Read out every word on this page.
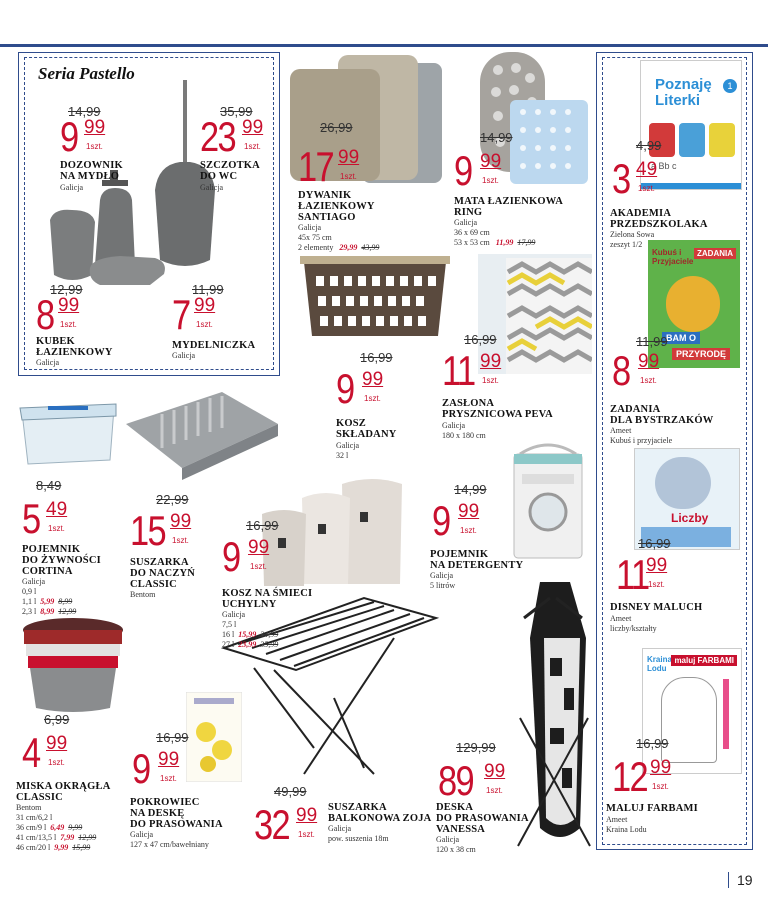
Seria Pastello
Poznaję Literki
1
a Bb c
Kubuś i Przyjaciele
ZADANIA
BAM O
PRZYRODĘ
Liczby
Kraina Lodu
maluj FARBAMI
14,99
9 99
1szt.
DOZOWNIK
NA MYDŁO
Galicja
35,99
23 99
1szt.
SZCZOTKA
DO WC
Galicja
12,99
8 99
1szt.
KUBEK
ŁAZIENKOWY
Galicja
11,99
7 99
1szt.
MYDELNICZKA
Galicja
26,99
17 99
1szt.
DYWANIK
ŁAZIENKOWY
SANTIAGO
Galicja
45x 75 cm
2 elementy 29,99 43,99
14,99
9 99
1szt.
MATA ŁAZIENKOWA
RING
Galicja
36 x 69 cm
53 x 53 cm 11,99 17,99
4,99
3 49
1szt.
AKADEMIA
PRZEDSZKOLAKA
Zielona Sowa
zeszyt 1/2
16,99
9 99
1szt.
KOSZ
SKŁADANY
Galicja
32 l
16,99
11 99
1szt.
ZASŁONA
PRYSZNICOWA PEVA
Galicja
180 x 180 cm
11,99
8 99
1szt.
ZADANIA
DLA BYSTRZAKÓW
Ameet
Kubuś i przyjaciele
8,49
5 49
1szt.
POJEMNIK
DO ŻYWNOŚCI
CORTINA
Galicja
0,9 l
1,1 l 5,99 8,99
2,3 l 8,99 12,99
22,99
15 99
1szt.
SUSZARKA
DO NACZYŃ
CLASSIC
Bentom
16,99
9 99
1szt.
KOSZ NA ŚMIECI
UCHYLNY
Galicja
7,5 l
16 l 15,99 24,99
27 l 23,99 35,99
14,99
9 99
1szt.
POJEMNIK
NA DETERGENTY
Galicja
5 litrów
16,99
11
99
1szt.
DISNEY MALUCH
Ameet
liczby/kształty
6,99
4 99
1szt.
MISKA OKRĄGŁA
CLASSIC
Bentom
31 cm/6,2 l
36 cm/9 l 6,49 9,99
41 cm/13,5 l 7,99 12,99
46 cm/20 l 9,99 15,99
16,99
9 99
1szt.
POKROWIEC
NA DESKĘ
DO PRASOWANIA
Galicja
127 x 47 cm/bawełniany
49,99
32 99
1szt.
SUSZARKA
BALKONOWA ZOJA
Galicja
pow. suszenia 18m
129,99
89 99
1szt.
DESKA
DO PRASOWANIA
VANESSA
Galicja
120 x 38 cm
16,99
12 99
1szt.
MALUJ FARBAMI
Ameet
Kraina Lodu
19
